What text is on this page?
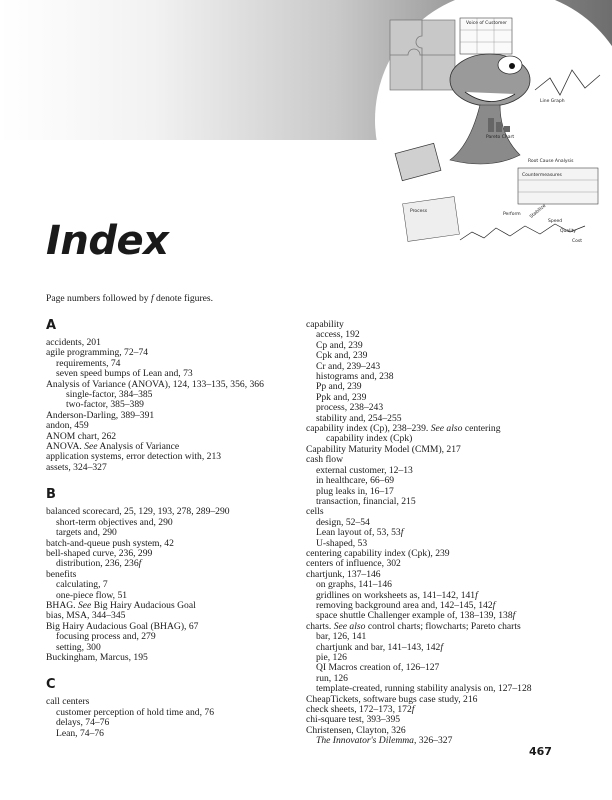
Voice of Customer
Line Graph
Pareto Chart
Root Cause Analysis
Countermeasures
Process	Stabilize
Perform
Speed
Quality
Cost
Index
Page numbers followed by f denote figures.
A
accidents, 201
agile programming, 72–74
requirements, 74
seven speed bumps of Lean and, 73
Analysis of Variance (ANOVA), 124, 133–135, 356, 366
single-factor, 384–385
two-factor, 385–389
Anderson-Darling, 389–391
andon, 459
ANOM chart, 262
ANOVA. See Analysis of Variance
application systems, error detection with, 213
assets, 324–327
B
balanced scorecard, 25, 129, 193, 278, 289–290
short-term objectives and, 290
targets and, 290
batch-and-queue push system, 42
bell-shaped curve, 236, 299
distribution, 236, 236f
benefits
calculating, 7
one-piece flow, 51
BHAG. See Big Hairy Audacious Goal
bias, MSA, 344–345
Big Hairy Audacious Goal (BHAG), 67
focusing process and, 279
setting, 300
Buckingham, Marcus, 195
C
call centers
customer perception of hold time and, 76
delays, 74–76
Lean, 74–76
capability
access, 192
Cp and, 239
Cpk and, 239
Cr and, 239–243
histograms and, 238
Pp and, 239
Ppk and, 239
process, 238–243
stability and, 254–255
capability index (Cp), 238–239. See also centering
capability index (Cpk)
Capability Maturity Model (CMM), 217
cash flow
external customer, 12–13
in healthcare, 66–69
plug leaks in, 16–17
transaction, financial, 215
cells
design, 52–54
Lean layout of, 53, 53f
U-shaped, 53
centering capability index (Cpk), 239
centers of influence, 302
chartjunk, 137–146
on graphs, 141–146
gridlines on worksheets as, 141–142, 141f
removing background area and, 142–145, 142f
space shuttle Challenger example of, 138–139, 138f
charts. See also control charts; flowcharts; Pareto charts
bar, 126, 141
chartjunk and bar, 141–143, 142f
pie, 126
QI Macros creation of, 126–127
run, 126
template-created, running stability analysis on, 127–128
CheapTickets, software bugs case study, 216
check sheets, 172–173, 172f
chi-square test, 393–395
Christensen, Clayton, 326
The Innovator's Dilemma, 326–327
467
